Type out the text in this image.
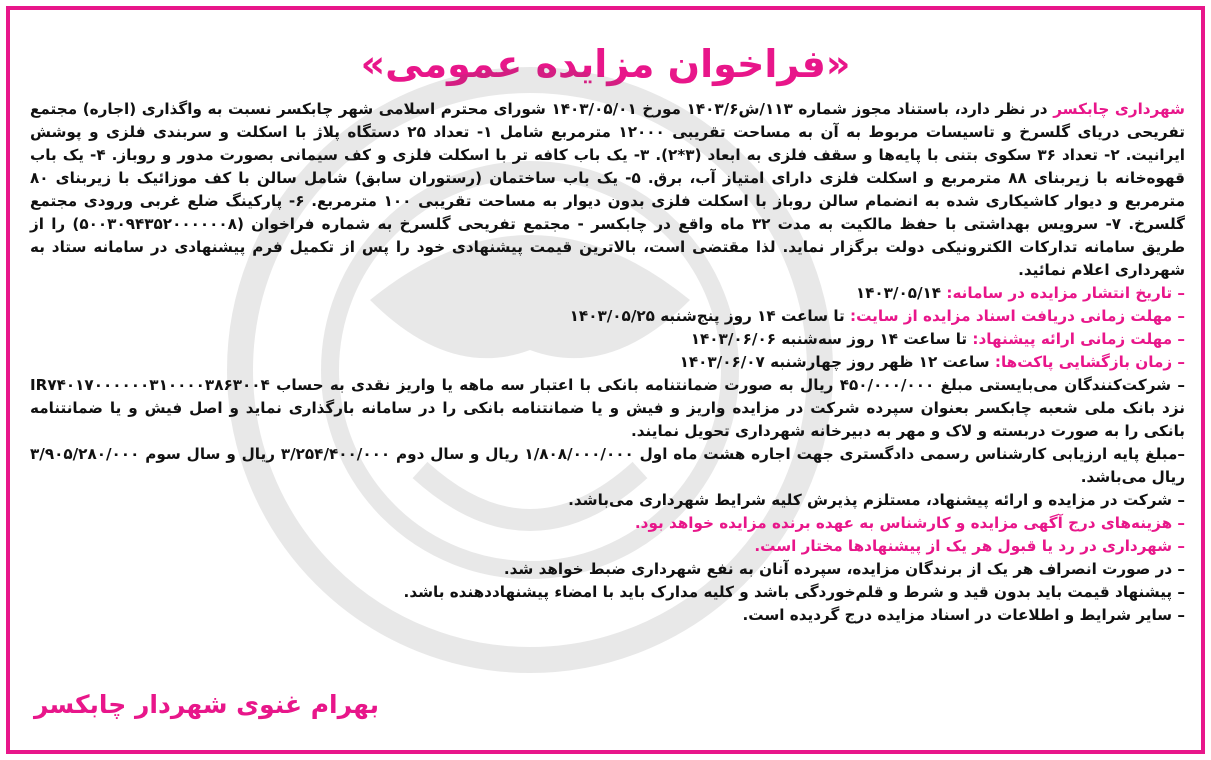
«فراخوان مزایده عمومی»

شهرداری چابکسر در نظر دارد، باستناد مجوز شماره ۱۱۳/ش۱۴۰۳/۶ مورخ ۱۴۰۳/۰۵/۰۱ شورای محترم اسلامی شهر چابکسر نسبت به واگذاری (اجاره) مجتمع تفریحی دریای گلسرخ و تاسیسات مربوط به آن به مساحت تقریبی ۱۲۰۰۰ مترمربع شامل ۱- تعداد ۲۵ دستگاه پلاژ با اسکلت و سربندی فلزی و پوشش ایرانیت. ۲- تعداد ۳۶ سکوی بتنی با پایه‌ها و سقف فلزی به ابعاد (۳*۲). ۳- یک باب کافه تر با اسکلت فلزی و کف سیمانی بصورت مدور و روباز. ۴- یک باب قهوه‌خانه با زیربنای ۸۸ مترمربع و اسکلت فلزی دارای امتیاز آب، برق. ۵- یک باب ساختمان (رستوران سابق) شامل سالن با کف موزائیک با زیربنای ۸۰ مترمربع و دیوار کاشیکاری شده به انضمام سالن روباز با اسکلت فلزی بدون دیوار به مساحت تقریبی ۱۰۰ مترمربع. ۶- پارکینگ ضلع غربی ورودی مجتمع گلسرخ. ۷- سرویس بهداشتی با حفظ مالکیت به مدت ۳۲ ماه واقع در چابکسر - مجتمع تفریحی گلسرخ به شماره فراخوان (۵۰۰۳۰۹۴۳۵۲۰۰۰۰۰۰۸) را از طریق سامانه تدارکات الکترونیکی دولت برگزار نماید. لذا مقتضی است، بالاترین قیمت پیشنهادی خود را پس از تکمیل فرم پیشنهادی در سامانه ستاد به شهرداری اعلام نمائید.

– تاریخ انتشار مزایده در سامانه: ۱۴۰۳/۰۵/۱۴
– مهلت زمانی دریافت اسناد مزایده از سایت: تا ساعت ۱۴ روز پنج‌شنبه ۱۴۰۳/۰۵/۲۵
– مهلت زمانی ارائه پیشنهاد: تا ساعت ۱۴ روز سه‌شنبه ۱۴۰۳/۰۶/۰۶
– زمان بازگشایی پاکت‌ها: ساعت ۱۲ ظهر روز چهارشنبه ۱۴۰۳/۰۶/۰۷

– شرکت‌کنندگان می‌بایستی مبلغ ۴۵۰/۰۰۰/۰۰۰ ریال به صورت ضمانتنامه بانکی با اعتبار سه ماهه یا واریز نقدی به حساب IR۷۴۰۱۷۰۰۰۰۰۰۳۱۰۰۰۰۳۸۶۳۰۰۴ نزد بانک ملی شعبه چابکسر بعنوان سپرده شرکت در مزایده واریز و فیش و یا ضمانتنامه بانکی را در سامانه بارگذاری نماید و اصل فیش و یا ضمانتنامه بانکی را به صورت دربسته و لاک و مهر به دبیرخانه شهرداری تحویل نمایند.

–مبلغ پایه ارزیابی کارشناس رسمی دادگستری جهت اجاره هشت ماه اول ۱/۸۰۸/۰۰۰/۰۰۰ ریال و سال دوم ۳/۲۵۴/۴۰۰/۰۰۰ ریال و سال سوم ۳/۹۰۵/۲۸۰/۰۰۰ ریال می‌باشد.

– شرکت در مزایده و ارائه پیشنهاد، مستلزم پذیرش کلیه شرایط شهرداری می‌باشد.
– هزینه‌های درج آگهی مزایده و کارشناس به عهده برنده مزایده خواهد بود.
– شهرداری در رد یا قبول هر یک از پیشنهادها مختار است.
– در صورت انصراف هر یک از برندگان مزایده، سپرده آنان به نفع شهرداری ضبط خواهد شد.
– پیشنهاد قیمت باید بدون قید و شرط و قلم‌خوردگی باشد و کلیه مدارک باید با امضاء پیشنهاددهنده باشد.
– سایر شرایط و اطلاعات در اسناد مزایده درج گردیده است.
بهرام غنوی شهردار چابکسر
